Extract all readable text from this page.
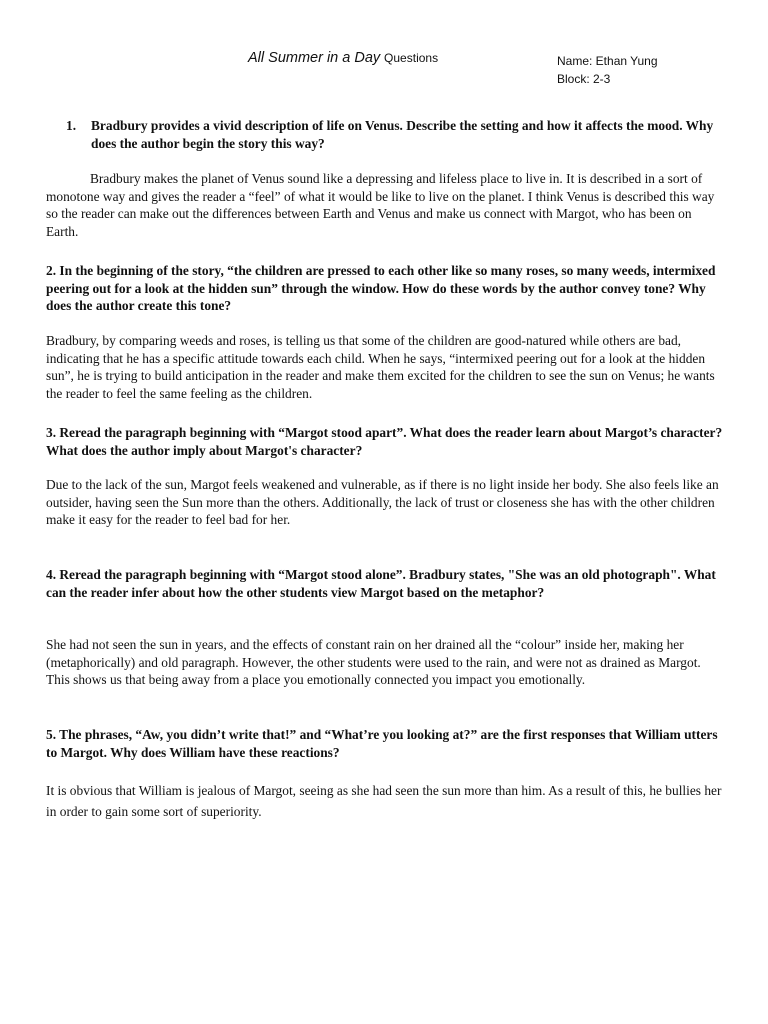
All Summer in a Day Questions	Name: Ethan Yung
Block: 2-3
1. Bradbury provides a vivid description of life on Venus. Describe the setting and how it affects the mood. Why does the author begin the story this way?

Bradbury makes the planet of Venus sound like a depressing and lifeless place to live in. It is described in a sort of monotone way and gives the reader a “feel” of what it would be like to live on the planet. I think Venus is described this way so the reader can make out the differences between Earth and Venus and make us connect with Margot, who has been on Earth.

2. In the beginning of the story, “the children are pressed to each other like so many roses, so many weeds, intermixed peering out for a look at the hidden sun” through the window. How do these words by the author convey tone? Why does the author create this tone?

Bradbury, by comparing weeds and roses, is telling us that some of the children are good-natured while others are bad, indicating that he has a specific attitude towards each child. When he says, “intermixed peering out for a look at the hidden sun”, he is trying to build anticipation in the reader and make them excited for the children to see the sun on Venus; he wants the reader to feel the same feeling as the children.

3. Reread the paragraph beginning with “Margot stood apart”. What does the reader learn about Margot’s character? What does the author imply about Margot's character?

Due to the lack of the sun, Margot feels weakened and vulnerable, as if there is no light inside her body. She also feels like an outsider, having seen the Sun more than the others. Additionally, the lack of trust or closeness she has with the other children make it easy for the reader to feel bad for her.

4. Reread the paragraph beginning with “Margot stood alone”. Bradbury states, "She was an old photograph". What can the reader infer about how the other students view Margot based on the metaphor?

She had not seen the sun in years, and the effects of constant rain on her drained all the “colour” inside her, making her (metaphorically) and old paragraph. However, the other students were used to the rain, and were not as drained as Margot. This shows us that being away from a place you emotionally connected you impact you emotionally.

5. The phrases, “Aw, you didn’t write that!” and “What’re you looking at?” are the first responses that William utters to Margot. Why does William have these reactions?

It is obvious that William is jealous of Margot, seeing as she had seen the sun more than him. As a result of this, he bullies her in order to gain some sort of superiority.
